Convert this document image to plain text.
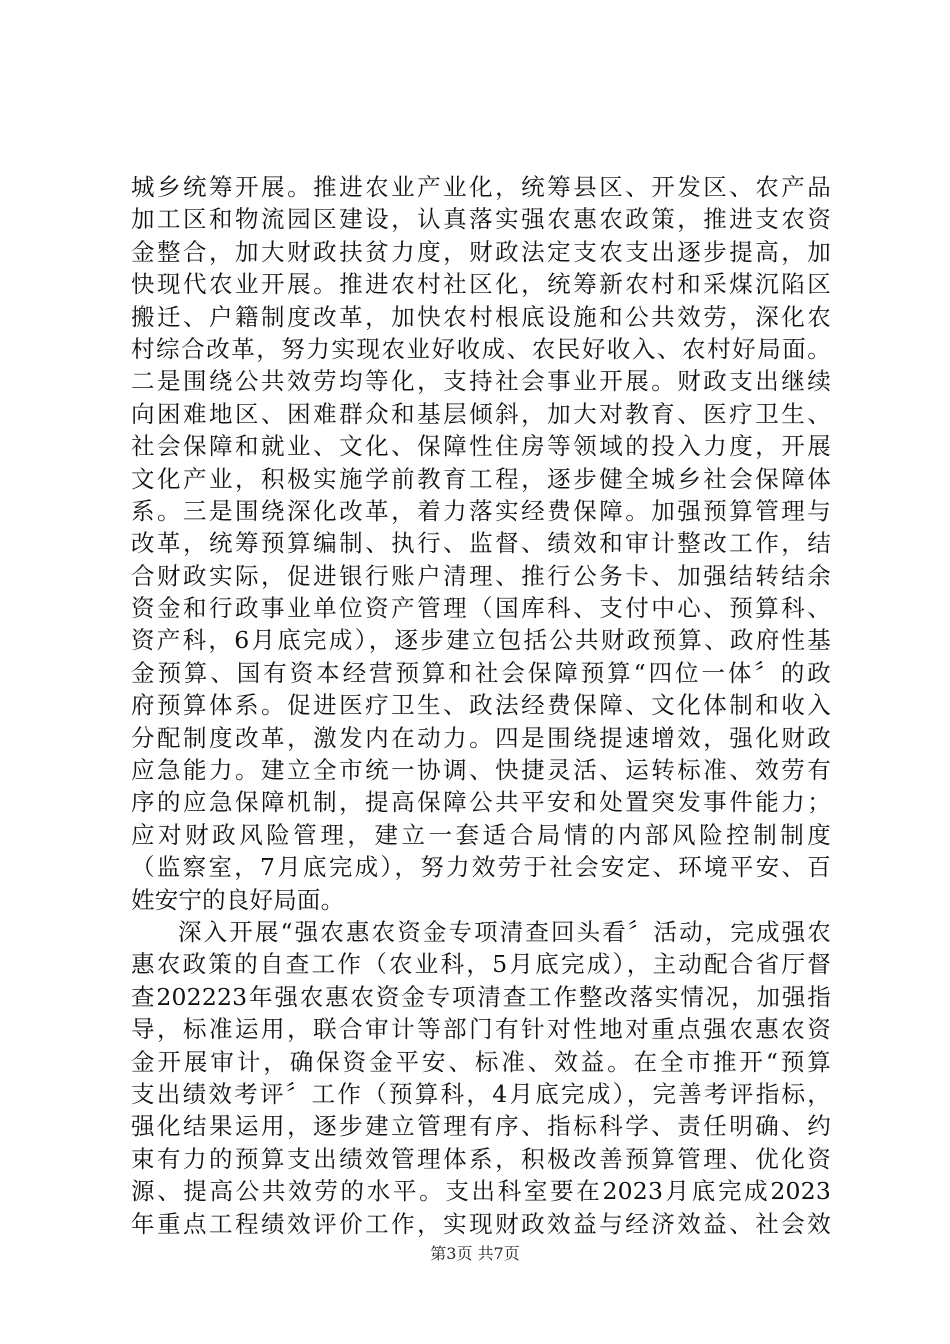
城乡统筹开展。推进农业产业化，统筹县区、开发区、农产品
加工区和物流园区建设，认真落实强农惠农政策，推进支农资
金整合，加大财政扶贫力度，财政法定支农支出逐步提高，加
快现代农业开展。推进农村社区化，统筹新农村和采煤沉陷区
搬迁、户籍制度改革，加快农村根底设施和公共效劳，深化农
村综合改革，努力实现农业好收成、农民好收入、农村好局面。
二是围绕公共效劳均等化，支持社会事业开展。财政支出继续
向困难地区、困难群众和基层倾斜，加大对教育、医疗卫生、
社会保障和就业、文化、保障性住房等领域的投入力度，开展
文化产业，积极实施学前教育工程，逐步健全城乡社会保障体
系。三是围绕深化改革，着力落实经费保障。加强预算管理与
改革，统筹预算编制、执行、监督、绩效和审计整改工作，结
合财政实际，促进银行账户清理、推行公务卡、加强结转结余
资金和行政事业单位资产管理（国库科、支付中心、预算科、
资产科，6月底完成），逐步建立包括公共财政预算、政府性基
金预算、国有资本经营预算和社会保障预算“四位一体〞的政
府预算体系。促进医疗卫生、政法经费保障、文化体制和收入
分配制度改革，激发内在动力。四是围绕提速增效，强化财政
应急能力。建立全市统一协调、快捷灵活、运转标准、效劳有
序的应急保障机制，提高保障公共平安和处置突发事件能力；
应对财政风险管理，建立一套适合局情的内部风险控制制度
（监察室，7月底完成），努力效劳于社会安定、环境平安、百
姓安宁的良好局面。
深入开展“强农惠农资金专项清查回头看〞活动，完成强农
惠农政策的自查工作（农业科，5月底完成），主动配合省厅督
查202223年强农惠农资金专项清查工作整改落实情况，加强指
导，标准运用，联合审计等部门有针对性地对重点强农惠农资
金开展审计，确保资金平安、标准、效益。在全市推开“预算
支出绩效考评〞工作（预算科，4月底完成），完善考评指标，
强化结果运用，逐步建立管理有序、指标科学、责任明确、约
束有力的预算支出绩效管理体系，积极改善预算管理、优化资
源、提高公共效劳的水平。支出科室要在2023月底完成2023
年重点工程绩效评价工作，实现财政效益与经济效益、社会效
第3页 共7页
